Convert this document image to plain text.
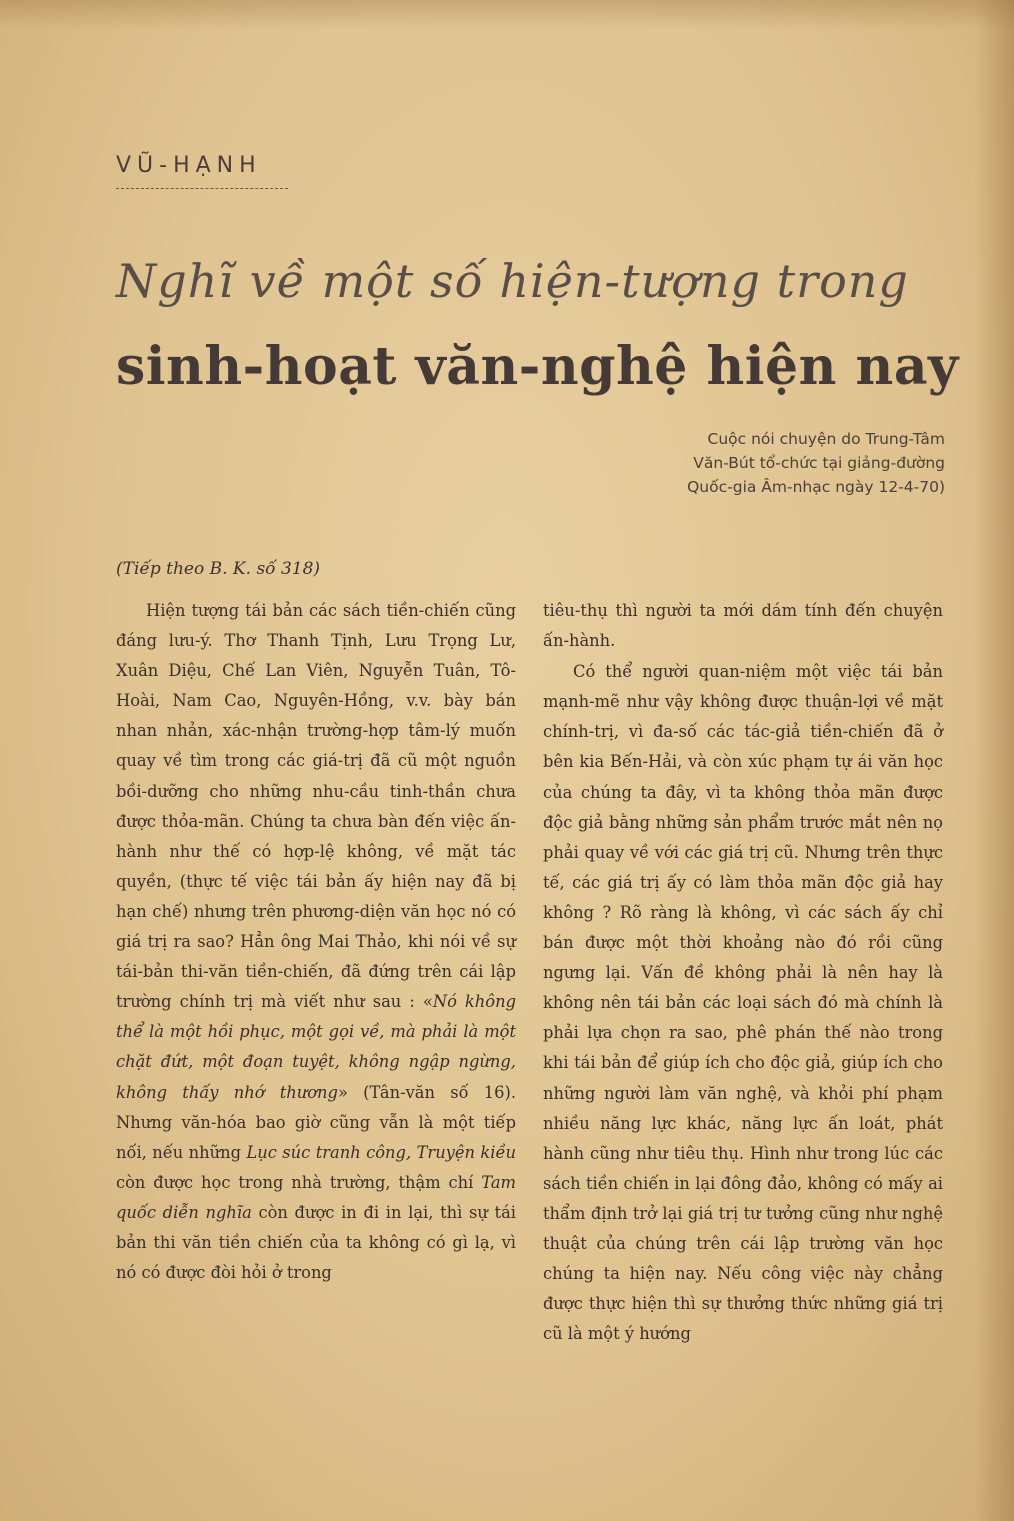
VŨ-HẠNH
Nghĩ về một số hiện-tượng trong
sinh-hoạt văn-nghệ hiện nay
Cuộc nói chuyện do Trung-Tâm
Văn-Bút tổ-chức tại giảng-đường
Quốc-gia Âm-nhạc ngày 12-4-70)
(Tiếp theo B. K. số 318)

Hiện tượng tái bản các sách tiền-chiến cũng đáng lưu-ý. Thơ Thanh Tịnh, Lưu Trọng Lư, Xuân Diệu, Chế Lan Viên, Nguyễn Tuân, Tô-Hoài, Nam Cao, Nguyên-Hồng, v.v. bày bán nhan nhản, xác-nhận trường-hợp tâm-lý muốn quay về tìm trong các giá-trị đã cũ một nguồn bồi-dưỡng cho những nhu-cầu tinh-thần chưa được thỏa-mãn. Chúng ta chưa bàn đến việc ấn-hành như thế có hợp-lệ không, về mặt tác quyền, (thực tế việc tái bản ấy hiện nay đã bị hạn chế) nhưng trên phương-diện văn học nó có giá trị ra sao? Hẳn ông Mai Thảo, khi nói về sự tái-bản thi-văn tiền-chiến, đã đứng trên cái lập trường chính trị mà viết như sau : «Nó không thể là một hồi phục, một gọi về, mà phải là một chặt đứt, một đoạn tuyệt, không ngập ngừng, không thấy nhớ thương» (Tân-văn số 16). Nhưng văn-hóa bao giờ cũng vẫn là một tiếp nối, nếu những Lục súc tranh công, Truyện kiều còn được học trong nhà trường, thậm chí Tam quốc diễn nghĩa còn được in đi in lại, thì sự tái bản thi văn tiền chiến của ta không có gì lạ, vì nó có được đòi hỏi ở trong

tiêu-thụ thì người ta mới dám tính đến chuyện ấn-hành.

Có thể người quan-niệm một việc tái bản mạnh-mẽ như vậy không được thuận-lợi về mặt chính-trị, vì đa-số các tác-giả tiền-chiến đã ở bên kia Bến-Hải, và còn xúc phạm tự ái văn học của chúng ta đây, vì ta không thỏa mãn được độc giả bằng những sản phẩm trước mắt nên nọ phải quay về với các giá trị cũ. Nhưng trên thực tế, các giá trị ấy có làm thỏa mãn độc giả hay không ? Rõ ràng là không, vì các sách ấy chỉ bán được một thời khoảng nào đó rồi cũng ngưng lại. Vấn đề không phải là nên hay là không nên tái bản các loại sách đó mà chính là phải lựa chọn ra sao, phê phán thế nào trong khi tái bản để giúp ích cho độc giả, giúp ích cho những người làm văn nghệ, và khỏi phí phạm nhiều năng lực khác, năng lực ấn loát, phát hành cũng như tiêu thụ. Hình như trong lúc các sách tiền chiến in lại đông đảo, không có mấy ai thẩm định trở lại giá trị tư tưởng cũng như nghệ thuật của chúng trên cái lập trường văn học chúng ta hiện nay. Nếu công việc này chẳng được thực hiện thì sự thưởng thức những giá trị cũ là một ý hướng
